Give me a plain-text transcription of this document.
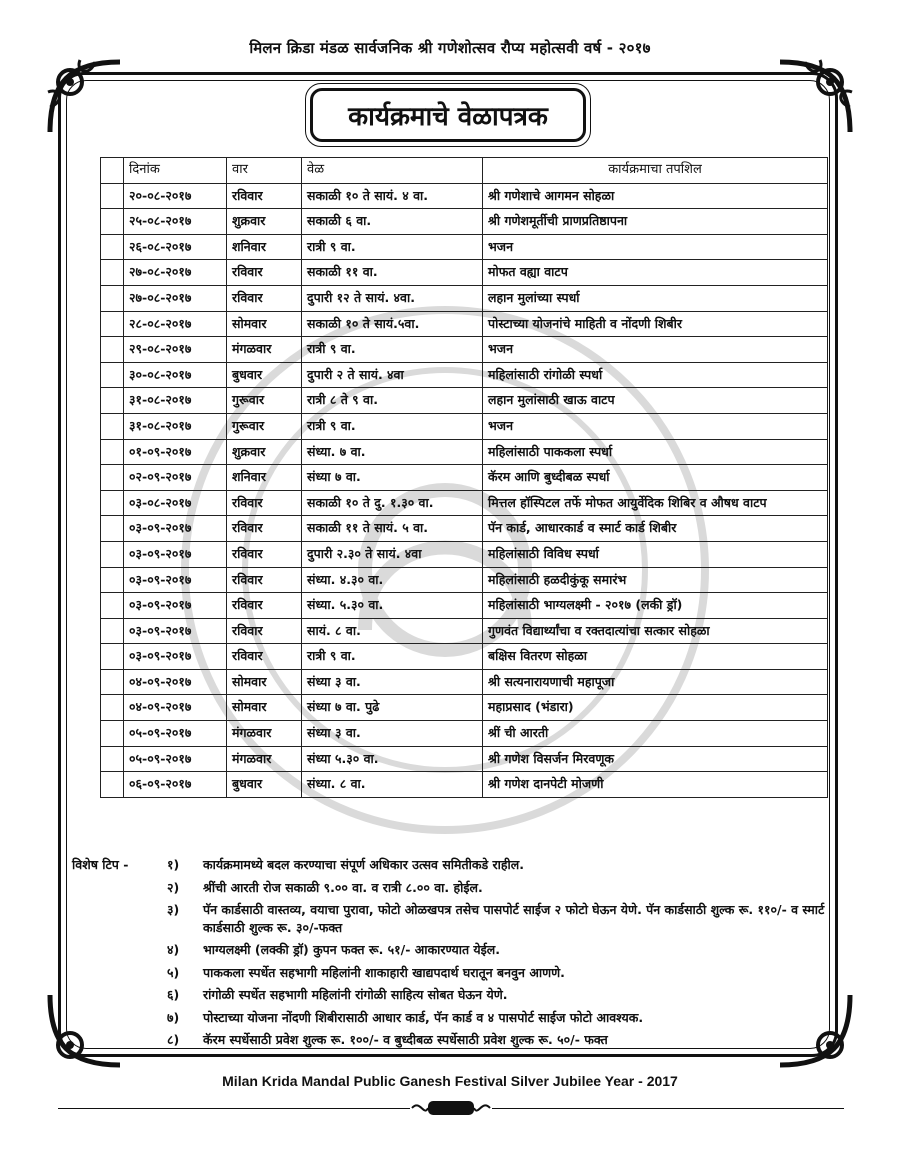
मिलन क्रिडा मंडळ सार्वजनिक श्री गणेशोत्सव रौप्य महोत्सवी वर्ष - २०१७
कार्यक्रमाचे वेळापत्रक
	दिनांक	वार	वेळ	कार्यक्रमाचा तपशिल
	२०-०८-२०१७	रविवार	सकाळी १० ते सायं. ४ वा.	श्री गणेशाचे आगमन सोहळा
	२५-०८-२०१७	शुक्रवार	सकाळी ६ वा.	श्री गणेशमूर्तीची प्राणप्रतिष्ठापना
	२६-०८-२०१७	शनिवार	रात्री ९ वा.	भजन
	२७-०८-२०१७	रविवार	सकाळी ११ वा.	मोफत वह्या वाटप
	२७-०८-२०१७	रविवार	दुपारी १२ ते सायं. ४वा.	लहान मुलांच्या स्पर्धा
	२८-०८-२०१७	सोमवार	सकाळी १० ते सायं.५वा.	पोस्टाच्या योजनांचे माहिती व नोंदणी शिबीर
	२९-०८-२०१७	मंगळवार	रात्री ९ वा.	भजन
	३०-०८-२०१७	बुधवार	दुपारी २ ते सायं. ४वा	महिलांसाठी रांगोळी स्पर्धा
	३१-०८-२०१७	गुरूवार	रात्री ८ ते ९ वा.	लहान मुलांसाठी खाऊ वाटप
	३१-०८-२०१७	गुरूवार	रात्री ९ वा.	भजन
	०१-०९-२०१७	शुक्रवार	संध्या. ७ वा.	महिलांसाठी पाककला स्पर्धा
	०२-०९-२०१७	शनिवार	संध्या ७ वा.	कॅरम आणि बुध्दीबळ स्पर्धा
	०३-०८-२०१७	रविवार	सकाळी १० ते दु. १.३० वा.	मित्तल हॉस्पिटल तर्फे मोफत आयुर्वेदिक शिबिर व औषध वाटप
	०३-०९-२०१७	रविवार	सकाळी ११ ते सायं. ५ वा.	पॅन कार्ड, आधारकार्ड व स्मार्ट कार्ड शिबीर
	०३-०९-२०१७	रविवार	दुपारी २.३० ते सायं. ४वा	महिलांसाठी विविध स्पर्धा
	०३-०९-२०१७	रविवार	संध्या. ४.३० वा.	महिलांसाठी हळदीकुंकू समारंभ
	०३-०९-२०१७	रविवार	संध्या. ५.३० वा.	महिलांसाठी भाग्यलक्ष्मी - २०१७ (लकी ड्रॉ)
	०३-०९-२०१७	रविवार	सायं. ८ वा.	गुणवंत विद्यार्थ्यांचा व रक्तदात्यांचा सत्कार सोहळा
	०३-०९-२०१७	रविवार	रात्री ९ वा.	बक्षिस वितरण सोहळा
	०४-०९-२०१७	सोमवार	संध्या ३ वा.	श्री सत्यनारायणाची महापूजा
	०४-०९-२०१७	सोमवार	संध्या ७ वा. पुढे	महाप्रसाद (भंडारा)
	०५-०९-२०१७	मंगळवार	संध्या ३ वा.	श्रीं ची आरती
	०५-०९-२०१७	मंगळवार	संध्या ५.३० वा.	श्री गणेश विसर्जन मिरवणूक
	०६-०९-२०१७	बुधवार	संध्या. ८ वा.	श्री गणेश दानपेटी मोजणी
विशेष टिप -	१)	कार्यक्रमामध्ये बदल करण्याचा संपूर्ण अधिकार उत्सव समितीकडे राहील.
२)	श्रींची आरती रोज सकाळी ९.०० वा. व रात्री ८.०० वा. होईल.
३)	पॅन कार्डसाठी वास्तव्य, वयाचा पुरावा, फोटो ओळखपत्र तसेच पासपोर्ट साईज २ फोटो घेऊन येणे. पॅन कार्डसाठी शुल्क रू. ११०/- व स्मार्ट कार्डसाठी शुल्क रू. ३०/-फक्त
४)	भाग्यलक्ष्मी (लक्की ड्रॉ) कुपन फक्त रू. ५१/- आकारण्यात येईल.
५)	पाककला स्पर्धेत सहभागी महिलांनी शाकाहारी खाद्यपदार्थ घरातून बनवुन आणणे.
६)	रांगोळी स्पर्धेत सहभागी महिलांनी रांगोळी साहित्य सोबत घेऊन येणे.
७)	पोस्टाच्या योजना नोंदणी शिबीरासाठी आधार कार्ड, पॅन कार्ड व ४ पासपोर्ट साईज फोटो आवश्यक.
८)	कॅरम स्पर्धेसाठी प्रवेश शुल्क रू. १००/- व बुध्दीबळ स्पर्धेसाठी प्रवेश शुल्क रू. ५०/- फक्त
Milan Krida Mandal Public Ganesh Festival Silver Jubilee Year - 2017
